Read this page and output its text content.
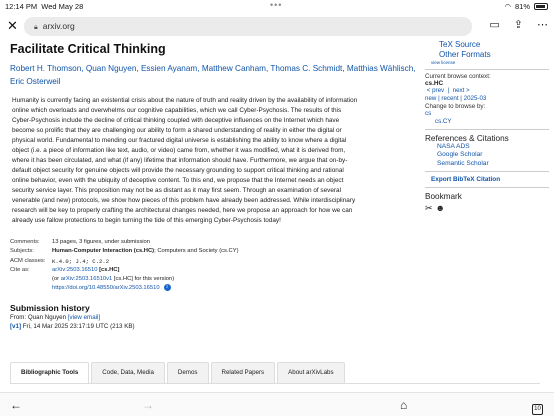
12:14 PM Wed May 28	•••	◠ 81%
✕	🔒︎ arxiv.org	▭ ⇪ ⋯
Facilitate Critical Thinking
Robert H. Thomson, Quan Nguyen, Essien Ayanam, Matthew Canham, Thomas C. Schmidt, Matthias Wählisch,
Eric Osterweil
Humanity is currently facing an existential crisis about the nature of truth and reality driven by the availability of information
online which overloads and overwhelms our cognitive capabilities, which we call Cyber-Psychosis. The results of this
Cyber-Psychosis include the decline of critical thinking coupled with deceptive influences on the Internet which have
become so prolific that they are challenging our ability to form a shared understanding of reality in either the digital or
physical world. Fundamental to mending our fractured digital universe is establishing the ability to know where a digital
object (i.e. a piece of information like text, audio, or video) came from, whether it was modified, what it is derived from,
where it has been circulated, and what (if any) lifetime that information should have. Furthermore, we argue that on-by-
default object security for genuine objects will provide the necessary grounding to support critical thinking and rational
online behavior, even with the ubiquity of deceptive content. To this end, we propose that the Internet needs an object
security service layer. This proposition may not be as distant as it may first seem. Through an examination of several
venerable (and new) protocols, we show how pieces of this problem have already been addressed. While interdisciplinary
research will be key to properly crafting the architectural changes needed, here we propose an approach for how we can
already use fallow protections to begin turning the tide of this emerging Cyber-Psychosis today!
Comments:	13 pages, 3 figures, under submission
Subjects:	Human-Computer Interaction (cs.HC); Computers and Society (cs.CY)
ACM classes:	K.4.0; J.4; C.2.2
Cite as:	arXiv:2503.16510 [cs.HC]
(or arXiv:2503.16510v1 [cs.HC] for this version)
https://doi.org/10.48550/arXiv.2503.16510 i
Submission history
From: Quan Nguyen [view email]
[v1] Fri, 14 Mar 2025 23:17:19 UTC (213 KB)
Bibliographic Tools	Code, Data, Media	Demos	Related Papers	About arXivLabs
TeX Source
Other Formats
view license
Current browse context:
cs.HC
< prev | next >
new | recent | 2025-03
Change to browse by:
cs
cs.CY
References & Citations
NASA ADS
Google Scholar
Semantic Scholar
Export BibTeX Citation
Bookmark
✂︎ ☻
←	→	⌂	10
